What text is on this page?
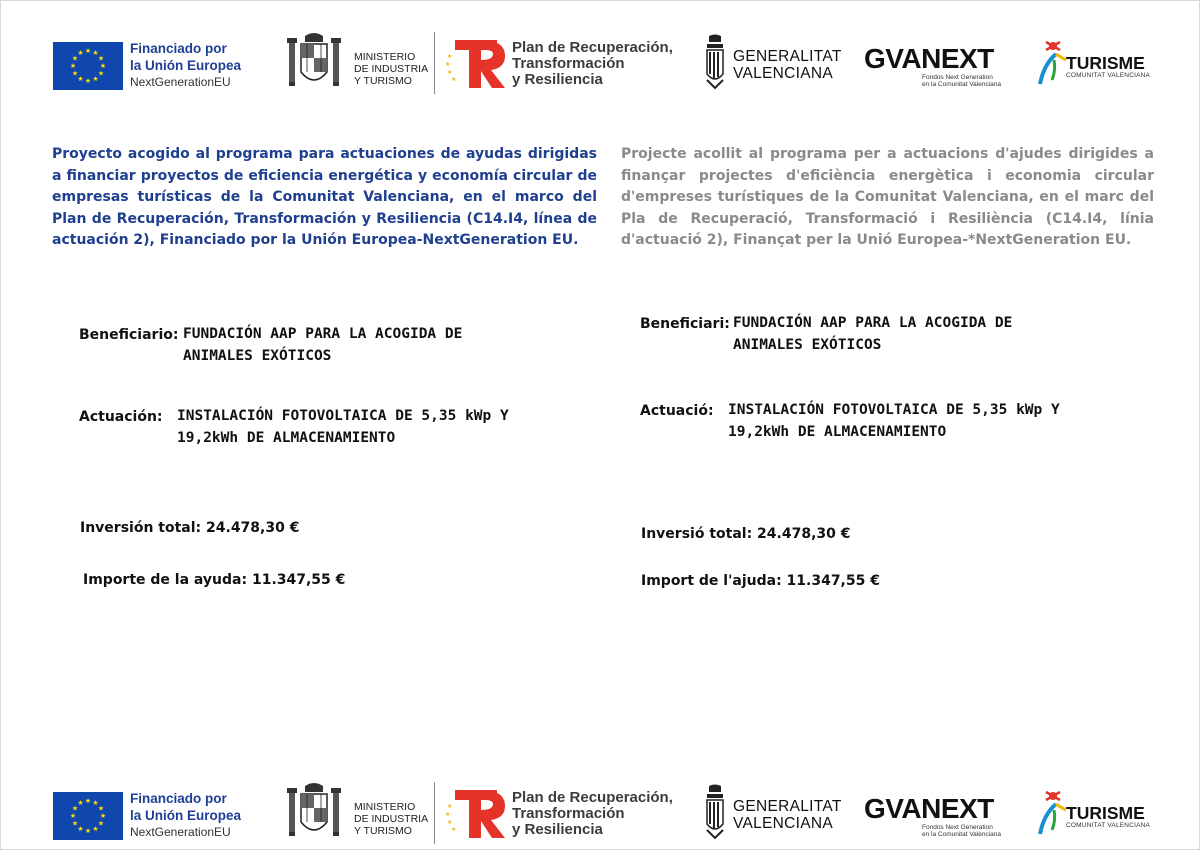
★ ★
★
★
★
★
★
★
★
★
★
★	Financiado por
la Unión Europea
NextGenerationEU
MINISTERIO
DE INDUSTRIA
Y TURISMO
★
★
★
★
Plan de Recuperación,
Transformación
y Resiliencia
GENERALITAT
VALENCIANA	GVANEXT
Fondos Next Generation
en la Comunitat Valenciana
TURISME
COMUNITAT VALENCIANA
Proyecto acogido al programa para actuaciones de ayudas dirigidas a financiar proyectos de eficiencia energética y economía circular de empresas turísticas de la Comunitat Valenciana, en el marco del Plan de Recuperación, Transformación y Resiliencia (C14.I4, línea de actuación 2), Financiado por la Unión Europea-NextGeneration EU.
Projecte acollit al programa per a actuacions d'ajudes dirigides a finançar projectes d'eficiència energètica i economia circular d'empreses turístiques de la Comunitat Valenciana, en el marc del Pla de Recuperació, Transformació i Resiliència (C14.I4, línia d'actuació 2), Finançat per la Unió Europea-*NextGeneration EU.
Beneficiario: FUNDACIÓN AAP PARA LA ACOGIDA DE
ANIMALES EXÓTICOS
Actuación: INSTALACIÓN FOTOVOLTAICA DE 5,35 kWp Y
19,2kWh DE ALMACENAMIENTO
Inversión total: 24.478,30 €
Importe de la ayuda: 11.347,55 €
Beneficiari: FUNDACIÓN AAP PARA LA ACOGIDA DE
ANIMALES EXÓTICOS
Actuació: INSTALACIÓN FOTOVOLTAICA DE 5,35 kWp Y
19,2kWh DE ALMACENAMIENTO
Inversió total: 24.478,30 €
Import de l'ajuda: 11.347,55 €
★ ★
★
★
★
★
★
★
★
★
★
★	Financiado por
la Unión Europea
NextGenerationEU
MINISTERIO
DE INDUSTRIA
Y TURISMO
★
★
★
★
Plan de Recuperación,
Transformación
y Resiliencia
GENERALITAT
VALENCIANA	GVANEXT
Fondos Next Generation
en la Comunitat Valenciana
TURISME
COMUNITAT VALENCIANA
